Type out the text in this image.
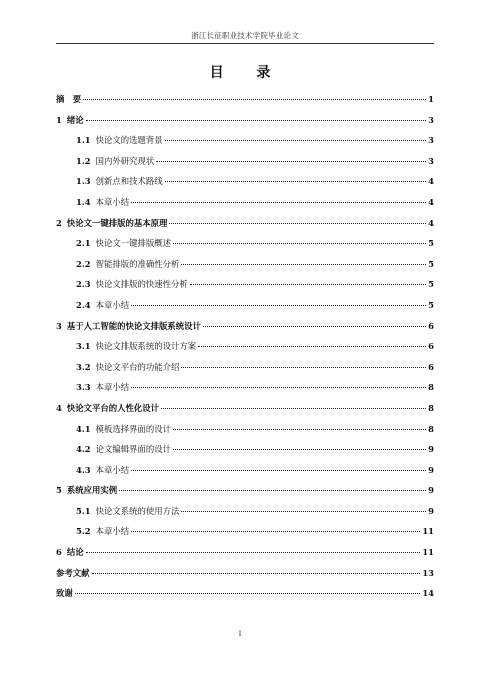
浙江长征职业技术学院毕业论文
目 录
摘　要	1
1 绪论	3
1.1 快论文的选题背景	3
1.2 国内外研究现状	3
1.3 创新点和技术路线	4
1.4 本章小结	4
2 快论文一键排版的基本原理	4
2.1 快论文一键排版概述	5
2.2 智能排版的准确性分析	5
2.3 快论文排版的快速性分析	5
2.4 本章小结	5
3 基于人工智能的快论文排版系统设计	6
3.1 快论文排版系统的设计方案	6
3.2 快论文平台的功能介绍	6
3.3 本章小结	8
4 快论文平台的人性化设计	8
4.1 模板选择界面的设计	8
4.2 论文编辑界面的设计	9
4.3 本章小结	9
5 系统应用实例	9
5.1 快论文系统的使用方法	9
5.2 本章小结	11
6 结论	11
参考文献	13
致谢	14
I
